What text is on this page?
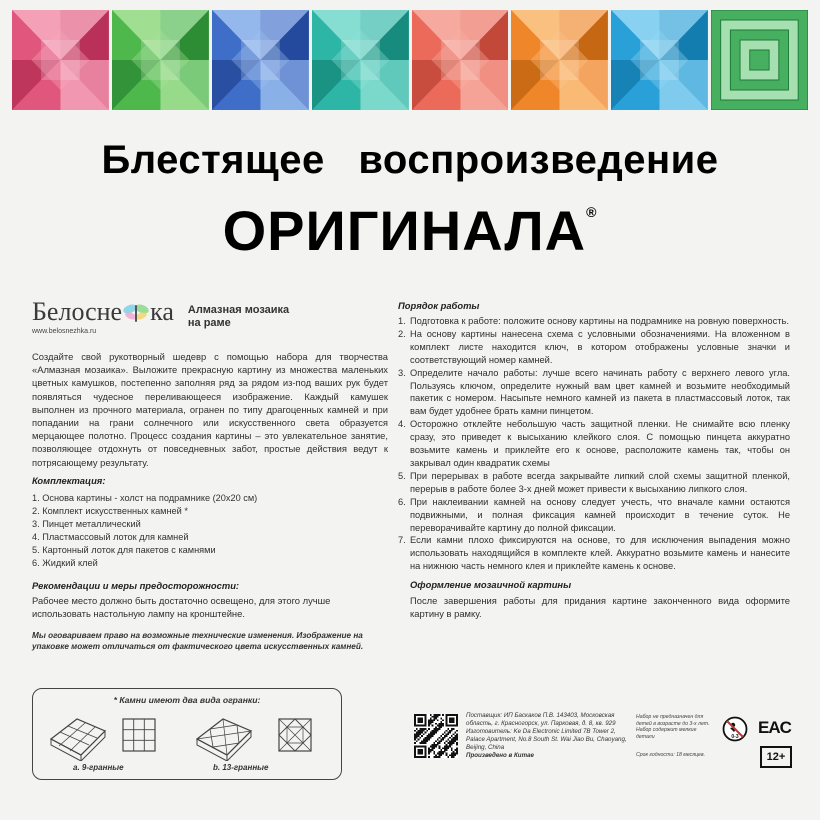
Блестящее воспроизведение
ОРИГИНАЛА®
Белосне ка
www.belosnezhka.ru
Алмазная мозаика
на раме
Создайте свой рукотворный шедевр с помощью набора для творчества «Алмазная мозаика». Выложите прекрасную картину из множества маленьких цветных камушков, постепенно заполняя ряд за рядом из-под ваших рук будет появляться чудесное переливающееся изображение. Каждый камушек выполнен из прочного материала, огранен по типу драгоценных камней и при попадании на грани солнечного или искусственного света образуется мерцающее полотно. Процесс создания картины – это увлекательное занятие, позволяющее отдохнуть от повседневных забот, простые действия ведут к потрясающему результату.
Комплектация:
1. Основа картины - холст на подрамнике (20х20 см)
2. Комплект искусственных камней *
3. Пинцет металлический
4. Пластмассовый лоток для камней
5. Картонный лоток для пакетов с камнями
6. Жидкий клей
Рекомендации и меры предосторожности:
Рабочее место должно быть достаточно освещено, для этого лучше использовать настольную лампу на кронштейне.
Мы оговариваем право на возможные технические изменения. Изображение на упаковке может отличаться от фактического цвета искусственных камней.
* Камни имеют два вида огранки:
a. 9-гранные	b. 13-гранные
Порядок работы
1. Подготовка к работе: положите основу картины на подрамнике на ровную поверхность.
2. На основу картины нанесена схема с условными обозначениями. На вложенном в комплект листе находится ключ, в котором отображены условные значки и соответствующий номер камней.
3. Определите начало работы: лучше всего начинать работу с верхнего левого угла. Пользуясь ключом, определите нужный вам цвет камней и возьмите необходимый пакетик с номером. Насыпьте немного камней из пакета в пластмассовый лоток, так вам будет удобнее брать камни пинцетом.
4. Осторожно отклейте небольшую часть защитной пленки. Не снимайте всю пленку сразу, это приведет к высыханию клейкого слоя. С помощью пинцета аккуратно возьмите камень и приклейте его к основе, расположите камень так, чтобы он закрывал один квадратик схемы
5. При перерывах в работе всегда закрывайте липкий слой схемы защитной пленкой, перерыв в работе более 3-х дней может привести к высыханию липкого слоя.
6. При наклеивании камней на основу следует учесть, что вначале камни остаются подвижными, и полная фиксация камней происходит в течение суток. Не переворачивайте картину до полной фиксации.
7. Если камни плохо фиксируются на основе, то для исключения выпадения можно использовать находящийся в комплекте клей. Аккуратно возьмите камень и нанесите на нижнюю часть немного клея и приклейте камень к основе.
Оформление мозаичной картины
После завершения работы для придания картине законченного вида оформите картину в рамку.
Поставщик: ИП Баскаков П.В. 143403, Московская область, г. Красногорск, ул. Парковая, д. 8, кв. 929
Изготовитель: Ke Da Electronic Limited 7B Tower 2, Palace Apartment, No.8 South St. Wai Jiao Bu, Chaoyang, Beijing, China
Произведено в Китае
Набор не предназначен для детей в возрасте до 3-х лет. Набор содержит мелкие детали
Срок годности: 18 месяцев.
0-3 EAC
12+
